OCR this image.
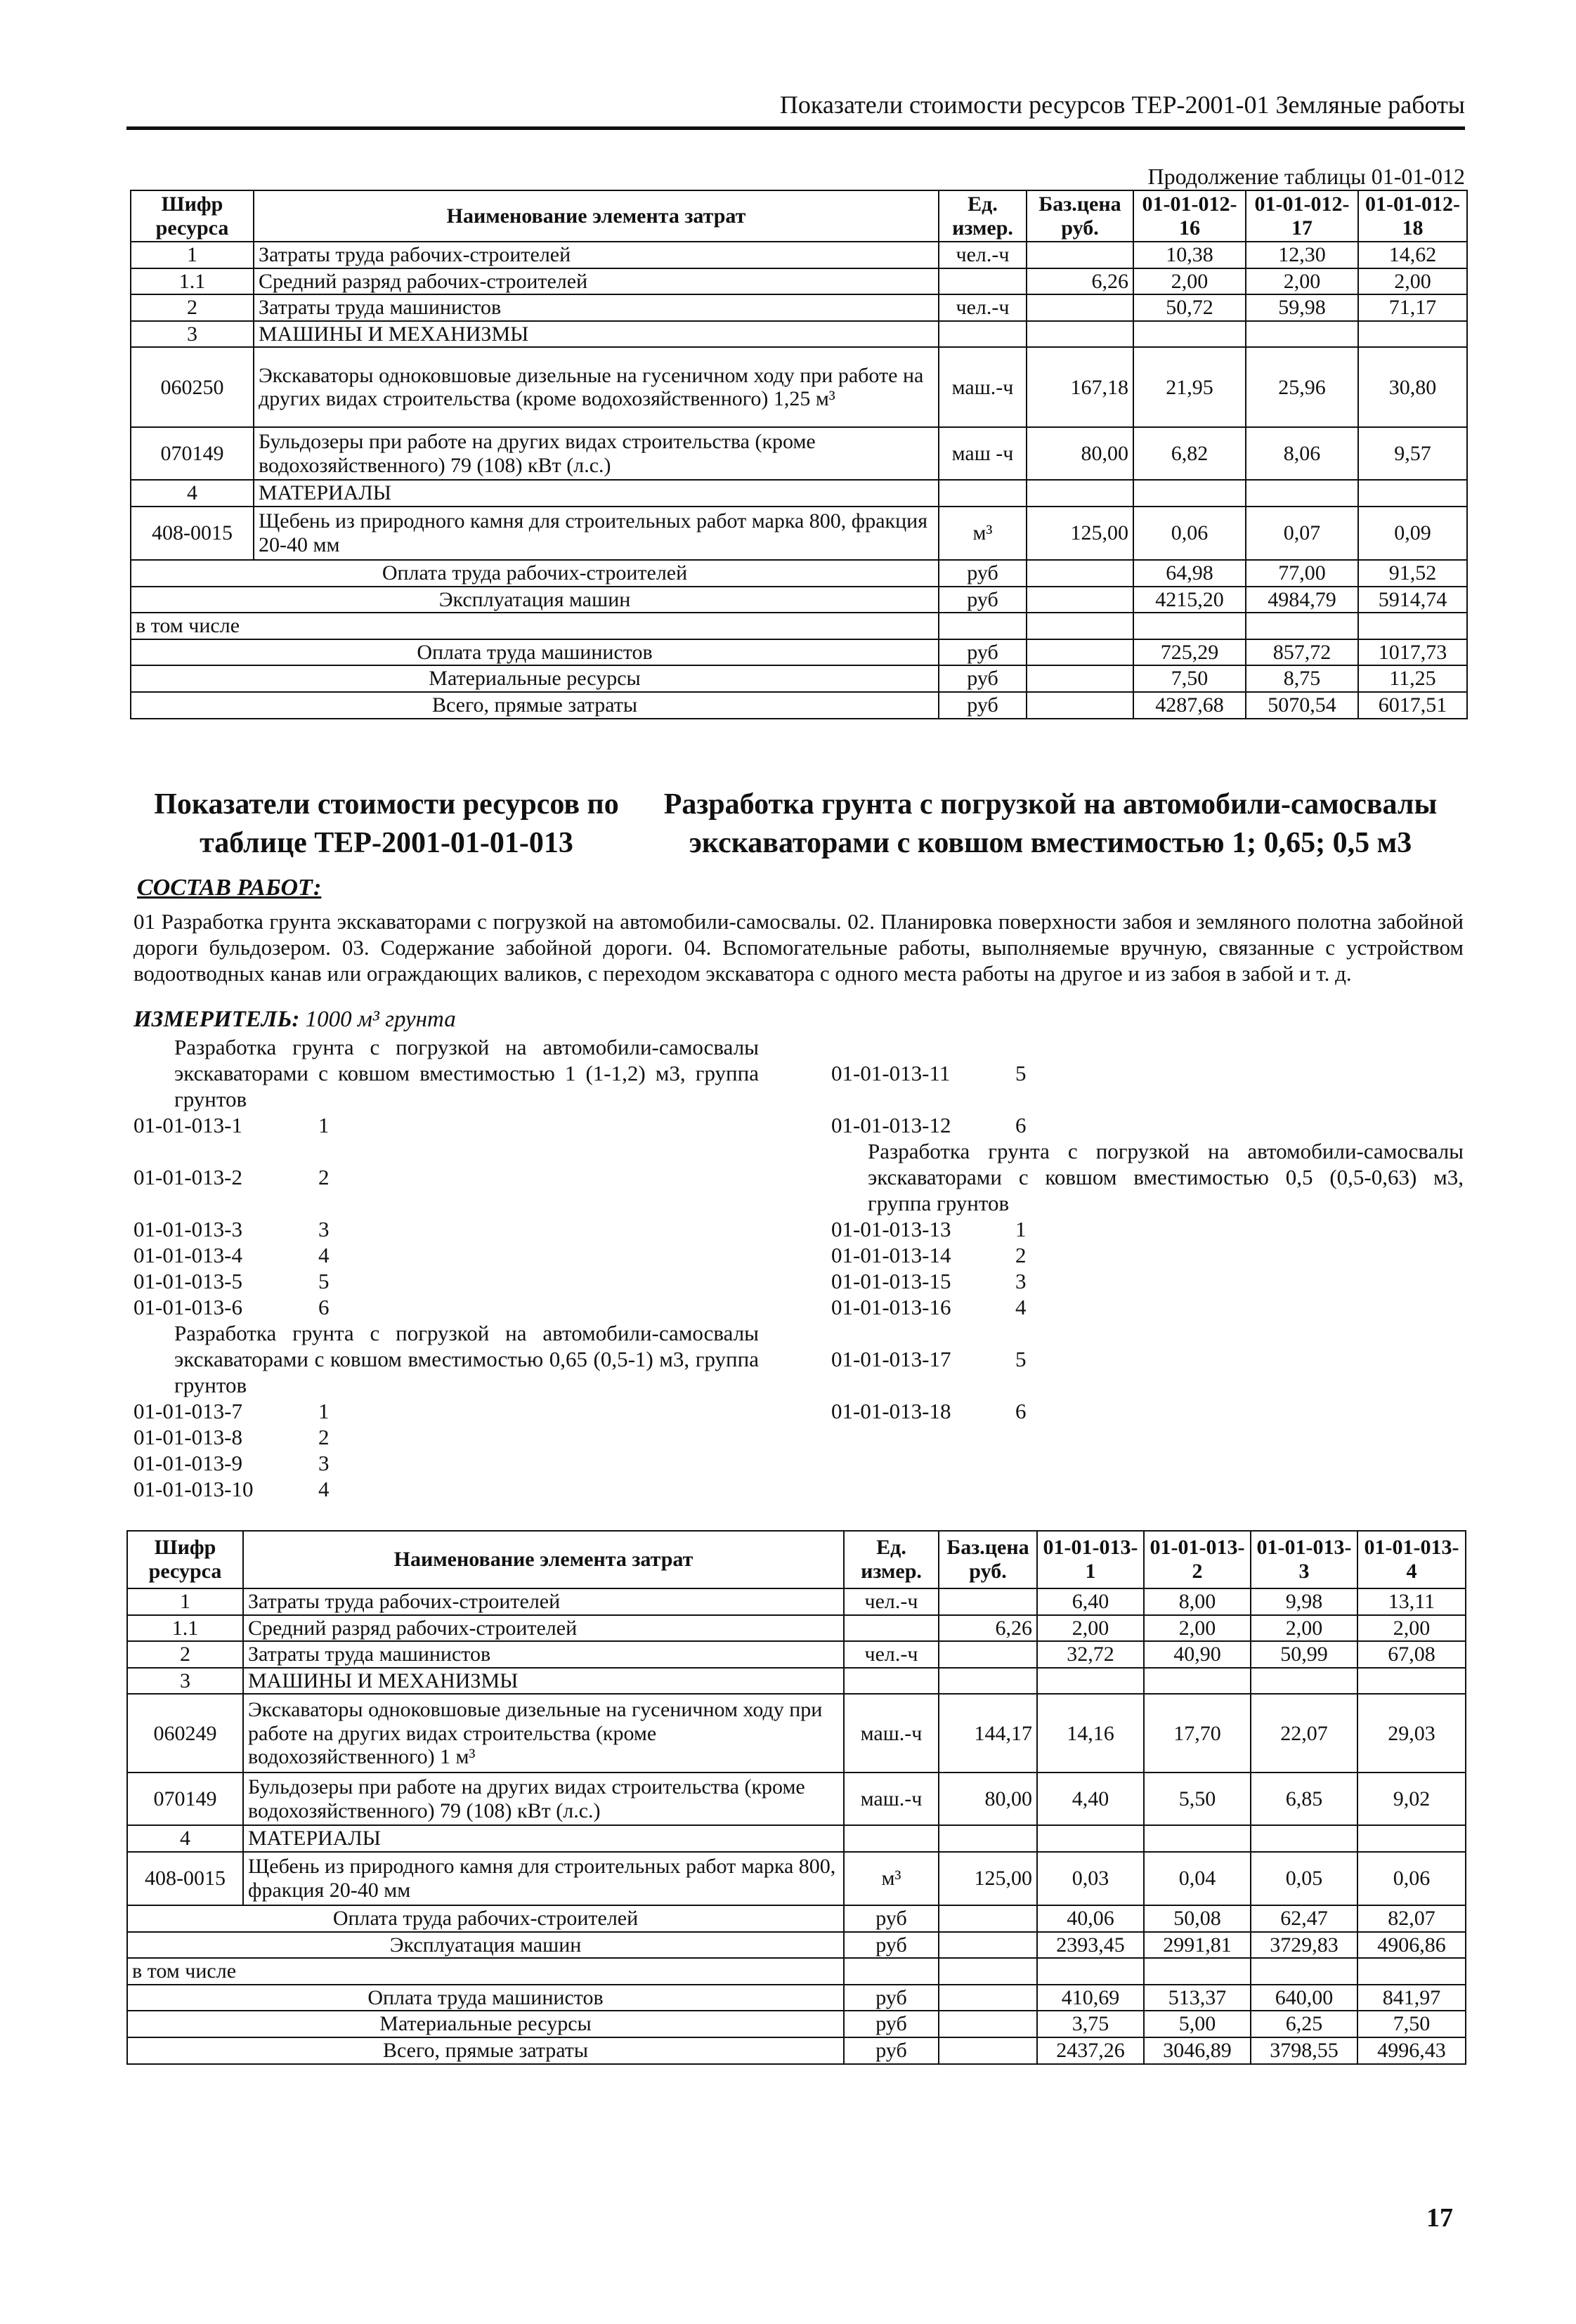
Показатели стоимости ресурсов ТЕР-2001-01 Земляные работы
Продолжение таблицы 01-01-012
Шифр ресурса	Наименование элемента затрат	Ед. измер.	Баз.цена руб.	01-01-012-16	01-01-012-17	01-01-012-18
1	Затраты труда рабочих-строителей	чел.-ч		10,38	12,30	14,62
1.1	Средний разряд рабочих-строителей		6,26	2,00	2,00	2,00
2	Затраты труда машинистов	чел.-ч		50,72	59,98	71,17
3	МАШИНЫ И МЕХАНИЗМЫ					
060250	Экскаваторы одноковшовые дизельные на гусеничном ходу при работе на других видах строительства (кроме водохозяйственного) 1,25 м³	маш.-ч	167,18	21,95	25,96	30,80
070149	Бульдозеры при работе на других видах строительства (кроме водохозяйственного) 79 (108) кВт (л.с.)	маш -ч	80,00	6,82	8,06	9,57
4	МАТЕРИАЛЫ					
408-0015	Щебень из природного камня для строительных работ марка 800, фракция 20-40 мм	м³	125,00	0,06	0,07	0,09
Оплата труда рабочих-строителей		руб		64,98	77,00	91,52
Эксплуатация машин		руб		4215,20	4984,79	5914,74
в том числе						
Оплата труда машинистов		руб		725,29	857,72	1017,73
Материальные ресурсы		руб		7,50	8,75	11,25
Всего, прямые затраты		руб		4287,68	5070,54	6017,51
Показатели стоимости ресурсов по таблице ТЕР-2001-01-01-013
Разработка грунта с погрузкой на автомобили-самосвалы экскаваторами с ковшом вместимостью 1; 0,65; 0,5 м3
СОСТАВ РАБОТ:
01 Разработка грунта экскаваторами с погрузкой на автомобили-самосвалы. 02. Планировка поверхности забоя и земляного полотна забойной дороги бульдозером. 03. Содержание забойной дороги. 04. Вспомогательные работы, выполняемые вручную, связанные с устройством водоотводных канав или ограждающих валиков, с переходом экскаватора с одного места работы на другое и из забоя в забой и т. д.
ИЗМЕРИТЕЛЬ: 1000 м³ грунта
Разработка грунта с погрузкой на автомобили-самосвалы экскаваторами с ковшом вместимостью 1 (1-1,2) м3, группа грунтов
01-01-013-1	1
01-01-013-2	2
01-01-013-3	3
01-01-013-4	4
01-01-013-5	5
01-01-013-6	6
Разработка грунта с погрузкой на автомобили-самосвалы экскаваторами с ковшом вместимостью 0,65 (0,5-1) м3, группа грунтов
01-01-013-7	1
01-01-013-8	2
01-01-013-9	3
01-01-013-10	4
01-01-013-11	5
01-01-013-12	6
Разработка грунта с погрузкой на автомобили-самосвалы экскаваторами с ковшом вместимостью 0,5 (0,5-0,63) м3, группа грунтов
01-01-013-13	1
01-01-013-14	2
01-01-013-15	3
01-01-013-16	4
01-01-013-17	5
01-01-013-18	6
Шифр ресурса	Наименование элемента затрат	Ед. измер.	Баз.цена руб.	01-01-013-1	01-01-013-2	01-01-013-3	01-01-013-4
1	Затраты труда рабочих-строителей	чел.-ч		6,40	8,00	9,98	13,11
1.1	Средний разряд рабочих-строителей		6,26	2,00	2,00	2,00	2,00
2	Затраты труда машинистов	чел.-ч		32,72	40,90	50,99	67,08
3	МАШИНЫ И МЕХАНИЗМЫ						
060249	Экскаваторы одноковшовые дизельные на гусеничном ходу при работе на других видах строительства (кроме водохозяйственного) 1 м³	маш.-ч	144,17	14,16	17,70	22,07	29,03
070149	Бульдозеры при работе на других видах строительства (кроме водохозяйственного) 79 (108) кВт (л.с.)	маш.-ч	80,00	4,40	5,50	6,85	9,02
4	МАТЕРИАЛЫ						
408-0015	Щебень из природного камня для строительных работ марка 800, фракция 20-40 мм	м³	125,00	0,03	0,04	0,05	0,06
Оплата труда рабочих-строителей		руб		40,06	50,08	62,47	82,07
Эксплуатация машин		руб		2393,45	2991,81	3729,83	4906,86
в том числе							
Оплата труда машинистов		руб		410,69	513,37	640,00	841,97
Материальные ресурсы		руб		3,75	5,00	6,25	7,50
Всего, прямые затраты		руб		2437,26	3046,89	3798,55	4996,43
17
